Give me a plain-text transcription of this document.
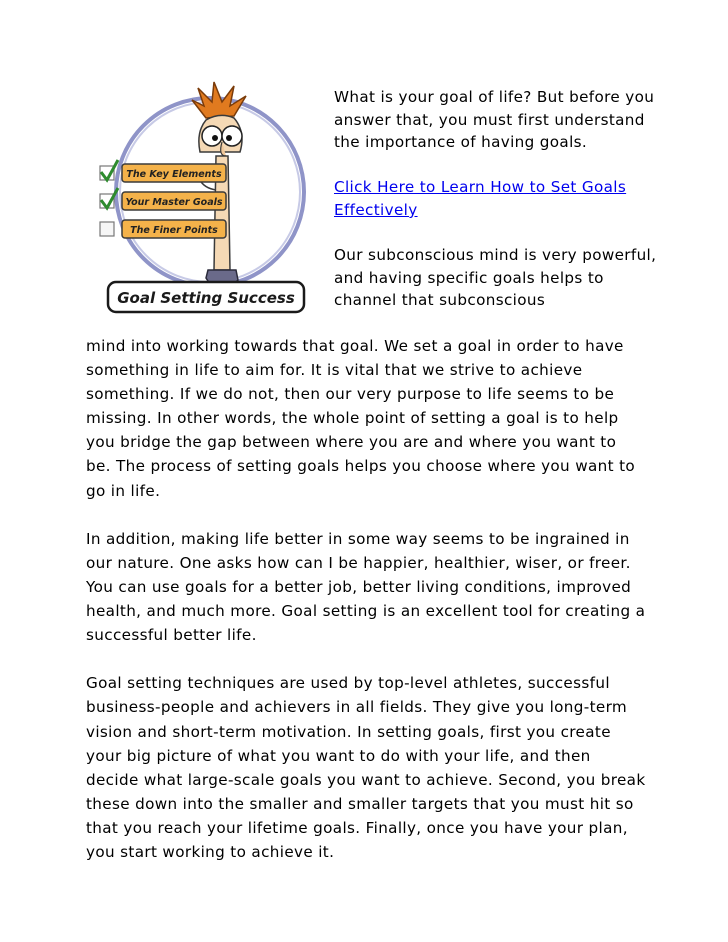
The Key Elements
Your Master Goals
The Finer Points
Goal Setting Success

What is your goal of life? But before you answer that, you must first understand the importance of having goals.

Click Here to Learn How to Set Goals Effectively

Our subconscious mind is very powerful, and having specific goals helps to channel that subconscious

mind into working towards that goal. We set a goal in order to have something in life to aim for. It is vital that we strive to achieve something. If we do not, then our very purpose to life seems to be missing. In other words, the whole point of setting a goal is to help you bridge the gap between where you are and where you want to be. The process of setting goals helps you choose where you want to go in life.

In addition, making life better in some way seems to be ingrained in our nature. One asks how can I be happier, healthier, wiser, or freer. You can use goals for a better job, better living conditions, improved health, and much more. Goal setting is an excellent tool for creating a successful better life.

Goal setting techniques are used by top-level athletes, successful business-people and achievers in all fields. They give you long-term vision and short-term motivation. In setting goals, first you create your big picture of what you want to do with your life, and then decide what large-scale goals you want to achieve. Second, you break these down into the smaller and smaller targets that you must hit so that you reach your lifetime goals. Finally, once you have your plan, you start working to achieve it.
